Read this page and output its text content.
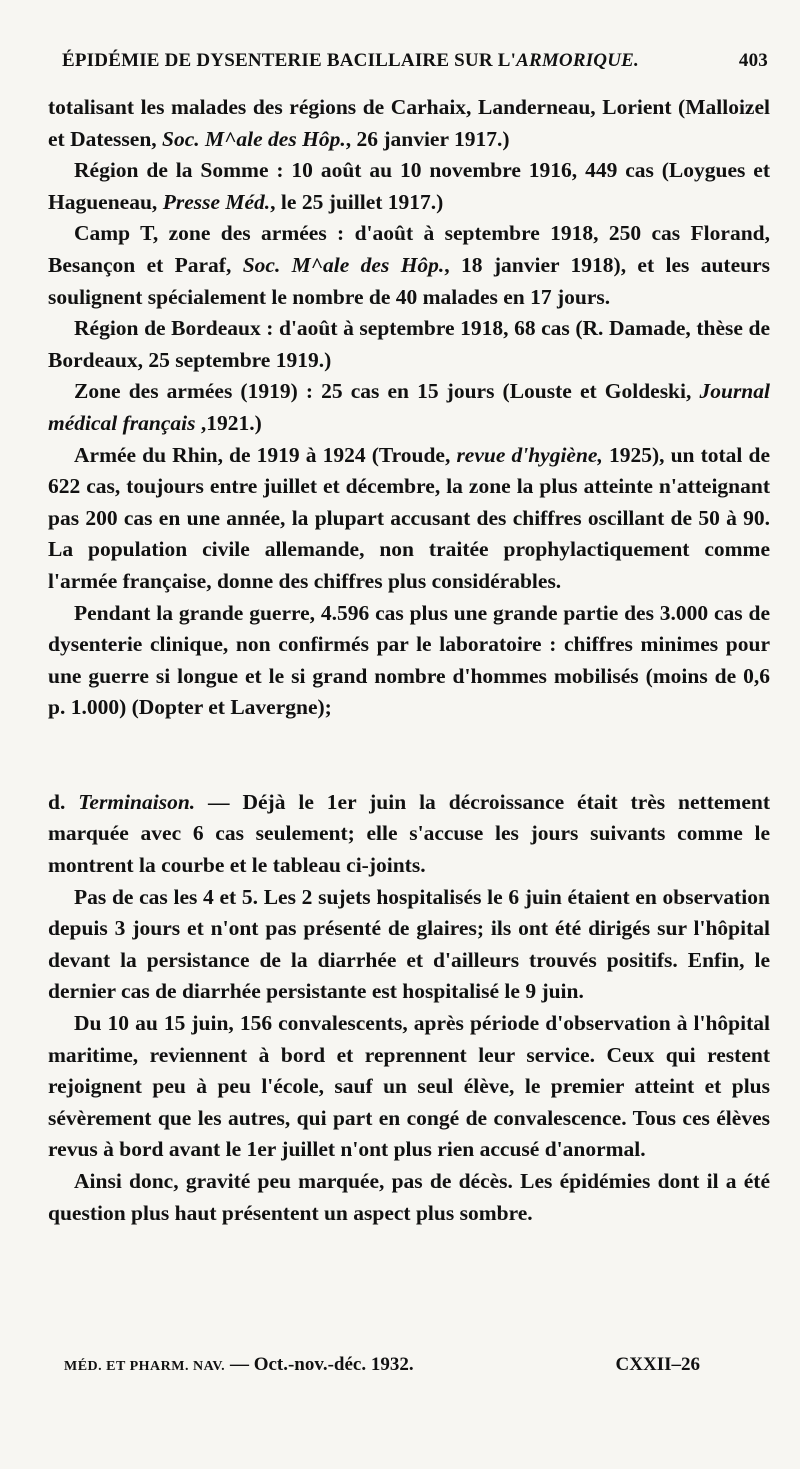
ÉPIDÉMIE DE DYSENTERIE BACILLAIRE SUR L'ARMORIQUE.	403

totalisant les malades des régions de Carhaix, Landerneau, Lorient (Malloizel et Datessen, Soc. M^ale des Hôp., 26 janvier 1917.)

Région de la Somme : 10 août au 10 novembre 1916, 449 cas (Loygues et Hagueneau, Presse Méd., le 25 juillet 1917.)

Camp T, zone des armées : d'août à septembre 1918, 250 cas Florand, Besançon et Paraf, Soc. M^ale des Hôp., 18 janvier 1918), et les auteurs soulignent spécialement le nombre de 40 malades en 17 jours.

Région de Bordeaux : d'août à septembre 1918, 68 cas (R. Damade, thèse de Bordeaux, 25 septembre 1919.)

Zone des armées (1919) : 25 cas en 15 jours (Louste et Goldeski, Journal médical français ,1921.)

Armée du Rhin, de 1919 à 1924 (Troude, revue d'hygiène, 1925), un total de 622 cas, toujours entre juillet et décembre, la zone la plus atteinte n'atteignant pas 200 cas en une année, la plupart accusant des chiffres oscillant de 50 à 90. La population civile allemande, non traitée prophylactiquement comme l'armée française, donne des chiffres plus considérables.

Pendant la grande guerre, 4.596 cas plus une grande partie des 3.000 cas de dysenterie clinique, non confirmés par le laboratoire : chiffres minimes pour une guerre si longue et le si grand nombre d'hommes mobilisés (moins de 0,6 p. 1.000) (Dopter et Lavergne);

d. Terminaison. — Déjà le 1er juin la décroissance était très nettement marquée avec 6 cas seulement; elle s'accuse les jours suivants comme le montrent la courbe et le tableau ci-joints.

Pas de cas les 4 et 5. Les 2 sujets hospitalisés le 6 juin étaient en observation depuis 3 jours et n'ont pas présenté de glaires; ils ont été dirigés sur l'hôpital devant la persistance de la diarrhée et d'ailleurs trouvés positifs. Enfin, le dernier cas de diarrhée persistante est hospitalisé le 9 juin.

Du 10 au 15 juin, 156 convalescents, après période d'observation à l'hôpital maritime, reviennent à bord et reprennent leur service. Ceux qui restent rejoignent peu à peu l'école, sauf un seul élève, le premier atteint et plus sévèrement que les autres, qui part en congé de convalescence. Tous ces élèves revus à bord avant le 1er juillet n'ont plus rien accusé d'anormal.

Ainsi donc, gravité peu marquée, pas de décès. Les épidémies dont il a été question plus haut présentent un aspect plus sombre.

MÉD. ET PHARM. NAV. — Oct.-nov.-déc. 1932.	CXXII–26
